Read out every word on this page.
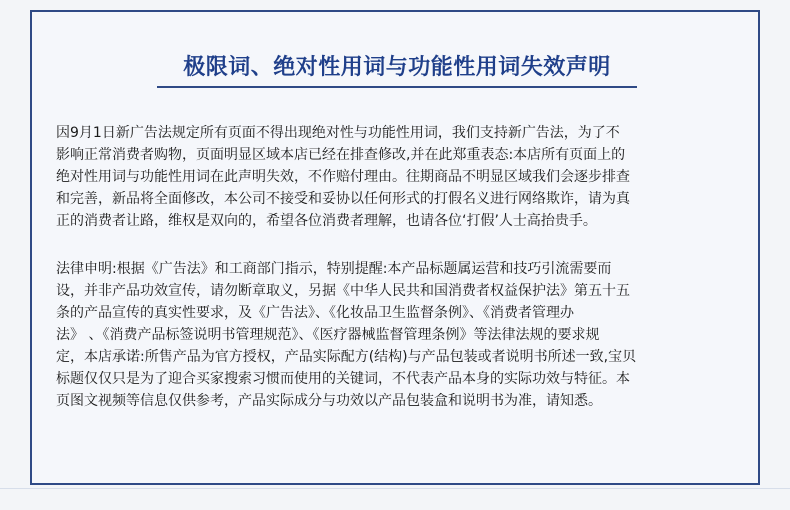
极限词、绝对性用词与功能性用词失效声明
因9月1日新广告法规定所有页面不得出现绝对性与功能性用词，我们支持新广告法，为了不
影响正常消费者购物，页面明显区域本店已经在排查修改,并在此郑重表态:本店所有页面上的
绝对性用词与功能性用词在此声明失效，不作赔付理由。往期商品不明显区域我们会逐步排查
和完善，新品将全面修改，本公司不接受和妥协以任何形式的打假名义进行网络欺诈，请为真
正的消费者让路，维权是双向的，希望各位消费者理解，也请各位‘打假’人士高抬贵手。
法律申明:根据《广告法》和工商部门指示，特别提醒:本产品标题属运营和技巧引流需要而
设，并非产品功效宣传，请勿断章取义，另据《中华人民共和国消费者权益保护法》第五十五
条的产品宣传的真实性要求，及《广告法》、《化妆品卫生监督条例》、《消费者管理办
法》 、《消费产品标签说明书管理规范》、《医疗器械监督管理条例》等法律法规的要求规
定，本店承诺:所售产品为官方授权，产品实际配方(结构)与产品包装或者说明书所述一致,宝贝
标题仅仅只是为了迎合买家搜索习惯而使用的关键词，不代表产品本身的实际功效与特征。本
页图文视频等信息仅供参考，产品实际成分与功效以产品包装盒和说明书为准，请知悉。
